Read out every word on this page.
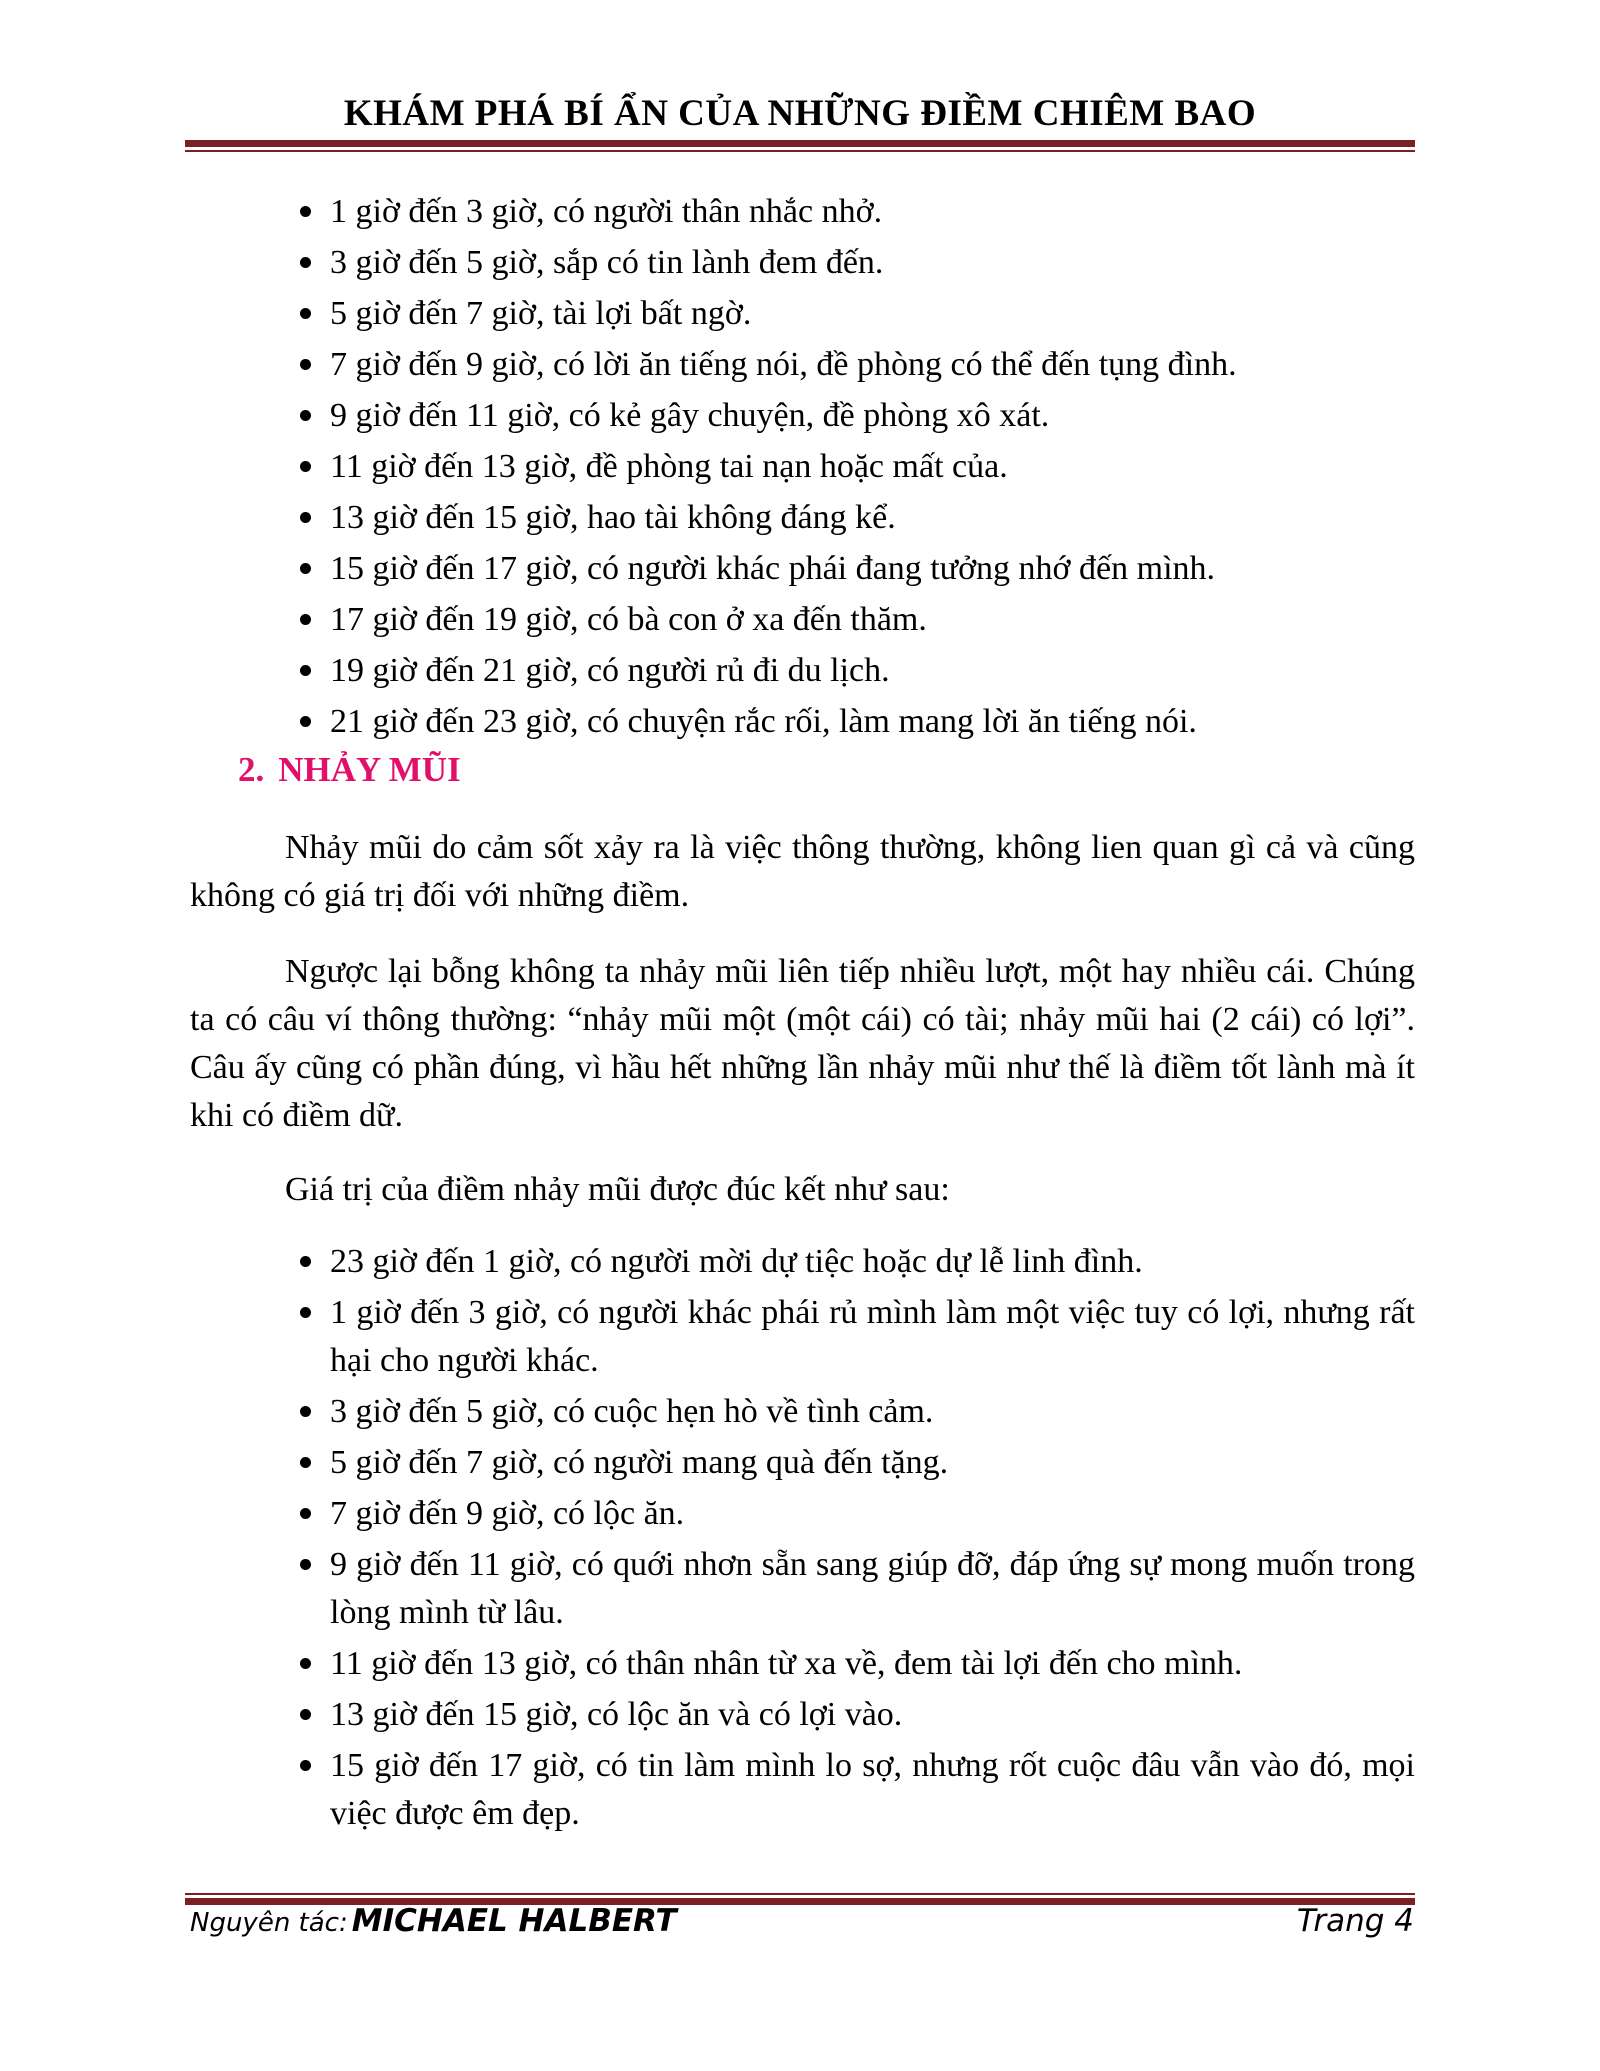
KHÁM PHÁ BÍ ẨN CỦA NHỮNG ĐIỀM CHIÊM BAO
1 giờ đến 3 giờ, có người thân nhắc nhở.
3 giờ đến 5 giờ, sắp có tin lành đem đến.
5 giờ đến 7 giờ, tài lợi bất ngờ.
7 giờ đến 9 giờ, có lời ăn tiếng nói, đề phòng có thể đến tụng đình.
9 giờ đến 11 giờ, có kẻ gây chuyện, đề phòng xô xát.
11 giờ đến 13 giờ, đề phòng tai nạn hoặc mất của.
13 giờ đến 15 giờ, hao tài không đáng kể.
15 giờ đến 17 giờ, có người khác phái đang tưởng nhớ đến mình.
17 giờ đến 19 giờ, có bà con ở xa đến thăm.
19 giờ đến 21 giờ, có người rủ đi du lịch.
21 giờ đến 23 giờ, có chuyện rắc rối, làm mang lời ăn tiếng nói.
2. NHẢY MŨI

Nhảy mũi do cảm sốt xảy ra là việc thông thường, không lien quan gì cả và cũng không có giá trị đối với những điềm.

Ngược lại bỗng không ta nhảy mũi liên tiếp nhiều lượt, một hay nhiều cái. Chúng ta có câu ví thông thường: “nhảy mũi một (một cái) có tài; nhảy mũi hai (2 cái) có lợi”. Câu ấy cũng có phần đúng, vì hầu hết những lần nhảy mũi như thế là điềm tốt lành mà ít khi có điềm dữ.

Giá trị của điềm nhảy mũi được đúc kết như sau:

23 giờ đến 1 giờ, có người mời dự tiệc hoặc dự lễ linh đình.
1 giờ đến 3 giờ, có người khác phái rủ mình làm một việc tuy có lợi, nhưng rất hại cho người khác.
3 giờ đến 5 giờ, có cuộc hẹn hò về tình cảm.
5 giờ đến 7 giờ, có người mang quà đến tặng.
7 giờ đến 9 giờ, có lộc ăn.
9 giờ đến 11 giờ, có quới nhơn sẵn sang giúp đỡ, đáp ứng sự mong muốn trong lòng mình từ lâu.
11 giờ đến 13 giờ, có thân nhân từ xa về, đem tài lợi đến cho mình.
13 giờ đến 15 giờ, có lộc ăn và có lợi vào.
15 giờ đến 17 giờ, có tin làm mình lo sợ, nhưng rốt cuộc đâu vẫn vào đó, mọi việc được êm đẹp.
Nguyên tác: MICHAEL HALBERT	Trang 4
